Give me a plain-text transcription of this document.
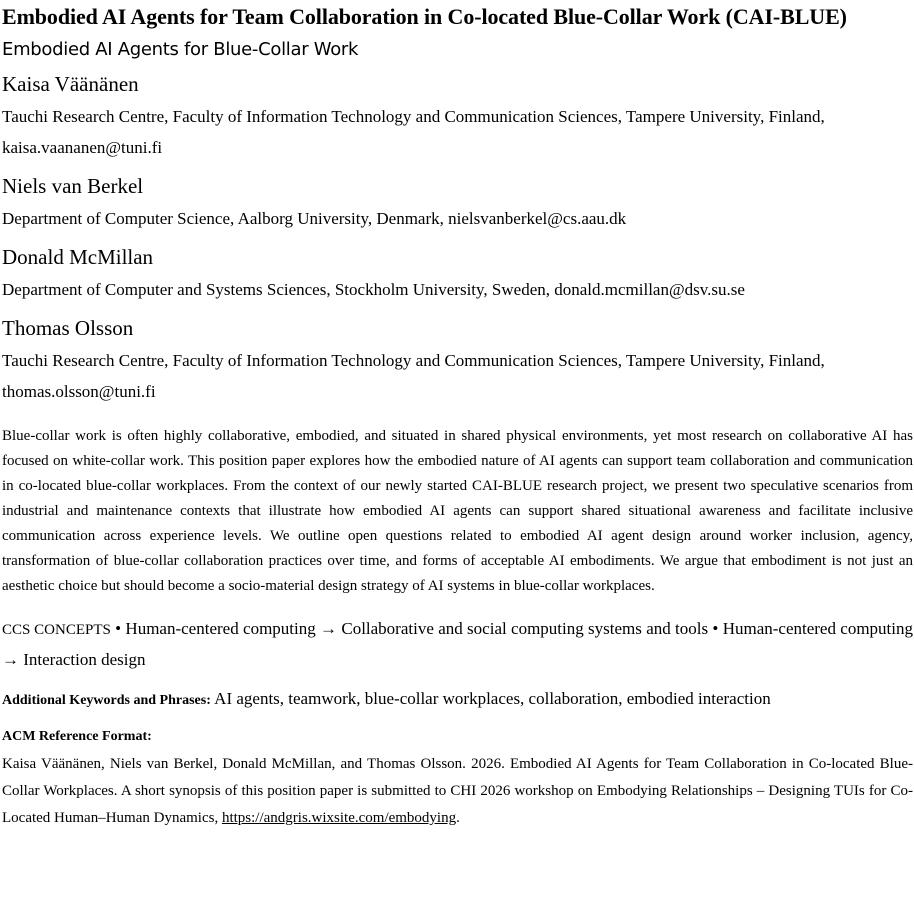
Embodied AI Agents for Team Collaboration in Co-located Blue-Collar Work (CAI-BLUE)
Embodied AI Agents for Blue-Collar Work
Kaisa Väänänen
Tauchi Research Centre, Faculty of Information Technology and Communication Sciences, Tampere University, Finland, kaisa.vaananen@tuni.fi
Niels van Berkel
Department of Computer Science, Aalborg University, Denmark, nielsvanberkel@cs.aau.dk
Donald McMillan
Department of Computer and Systems Sciences, Stockholm University, Sweden, donald.mcmillan@dsv.su.se
Thomas Olsson
Tauchi Research Centre, Faculty of Information Technology and Communication Sciences, Tampere University, Finland, thomas.olsson@tuni.fi

Blue-collar work is often highly collaborative, embodied, and situated in shared physical environments, yet most research on collaborative AI has focused on white-collar work. This position paper explores how the embodied nature of AI agents can support team collaboration and communication in co-located blue-collar workplaces. From the context of our newly started CAI-BLUE research project, we present two speculative scenarios from industrial and maintenance contexts that illustrate how embodied AI agents can support shared situational awareness and facilitate inclusive communication across experience levels. We outline open questions related to embodied AI agent design around worker inclusion, agency, transformation of blue-collar collaboration practices over time, and forms of acceptable AI embodiments. We argue that embodiment is not just an aesthetic choice but should become a socio-material design strategy of AI systems in blue-collar workplaces.

CCS CONCEPTS • Human-centered computing → Collaborative and social computing systems and tools • Human-centered computing → Interaction design
Additional Keywords and Phrases: AI agents, teamwork, blue-collar workplaces, collaboration, embodied interaction
ACM Reference Format:
Kaisa Väänänen, Niels van Berkel, Donald McMillan, and Thomas Olsson. 2026. Embodied AI Agents for Team Collaboration in Co-located Blue-Collar Workplaces. A short synopsis of this position paper is submitted to CHI 2026 workshop on Embodying Relationships – Designing TUIs for Co-Located Human–Human Dynamics, https://andgris.wixsite.com/embodying.
